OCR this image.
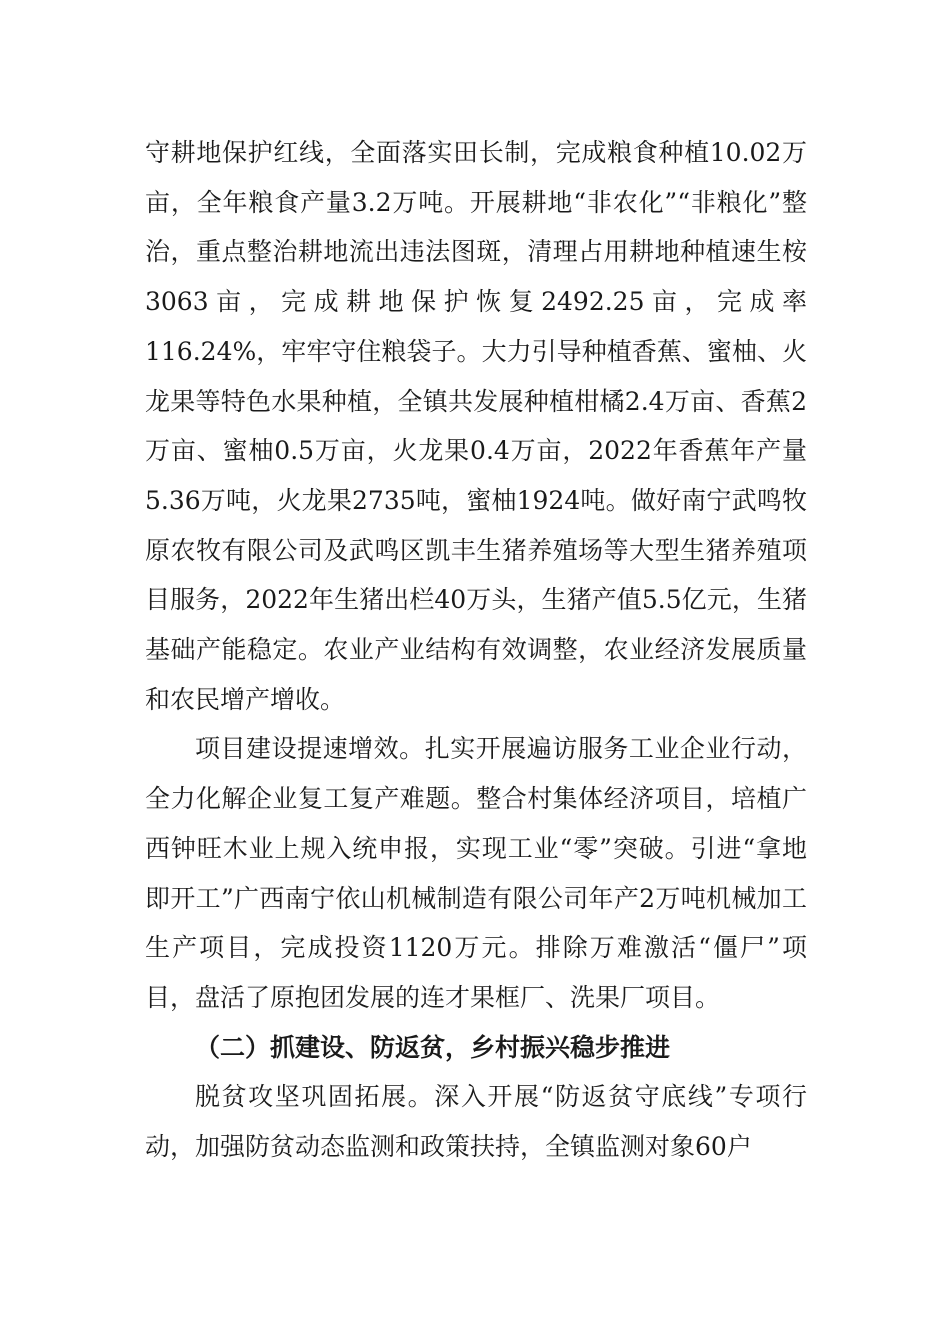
守耕地保护红线，全面落实田长制，完成粮食种植10.02万亩，全年粮食产量3.2万吨。开展耕地“非农化”“非粮化”整治，重点整治耕地流出违法图斑，清理占用耕地种植速生桉3063亩，完成耕地保护恢复2492.25亩，完成率116.24%，牢牢守住粮袋子。大力引导种植香蕉、蜜柚、火龙果等特色水果种植，全镇共发展种植柑橘2.4万亩、香蕉2万亩、蜜柚0.5万亩，火龙果0.4万亩，2022年香蕉年产量5.36万吨，火龙果2735吨，蜜柚1924吨。做好南宁武鸣牧原农牧有限公司及武鸣区凯丰生猪养殖场等大型生猪养殖项目服务，2022年生猪出栏40万头，生猪产值5.5亿元，生猪基础产能稳定。农业产业结构有效调整，农业经济发展质量和农民增产增收。

项目建设提速增效。扎实开展遍访服务工业企业行动，全力化解企业复工复产难题。整合村集体经济项目，培植广西钟旺木业上规入统申报，实现工业“零”突破。引进“拿地即开工”广西南宁依山机械制造有限公司年产2万吨机械加工生产项目，完成投资1120万元。排除万难激活“僵尸”项目，盘活了原抱团发展的连才果框厂、洗果厂项目。

（二）抓建设、防返贫，乡村振兴稳步推进

脱贫攻坚巩固拓展。深入开展“防返贫守底线”专项行动，加强防贫动态监测和政策扶持，全镇监测对象60户
